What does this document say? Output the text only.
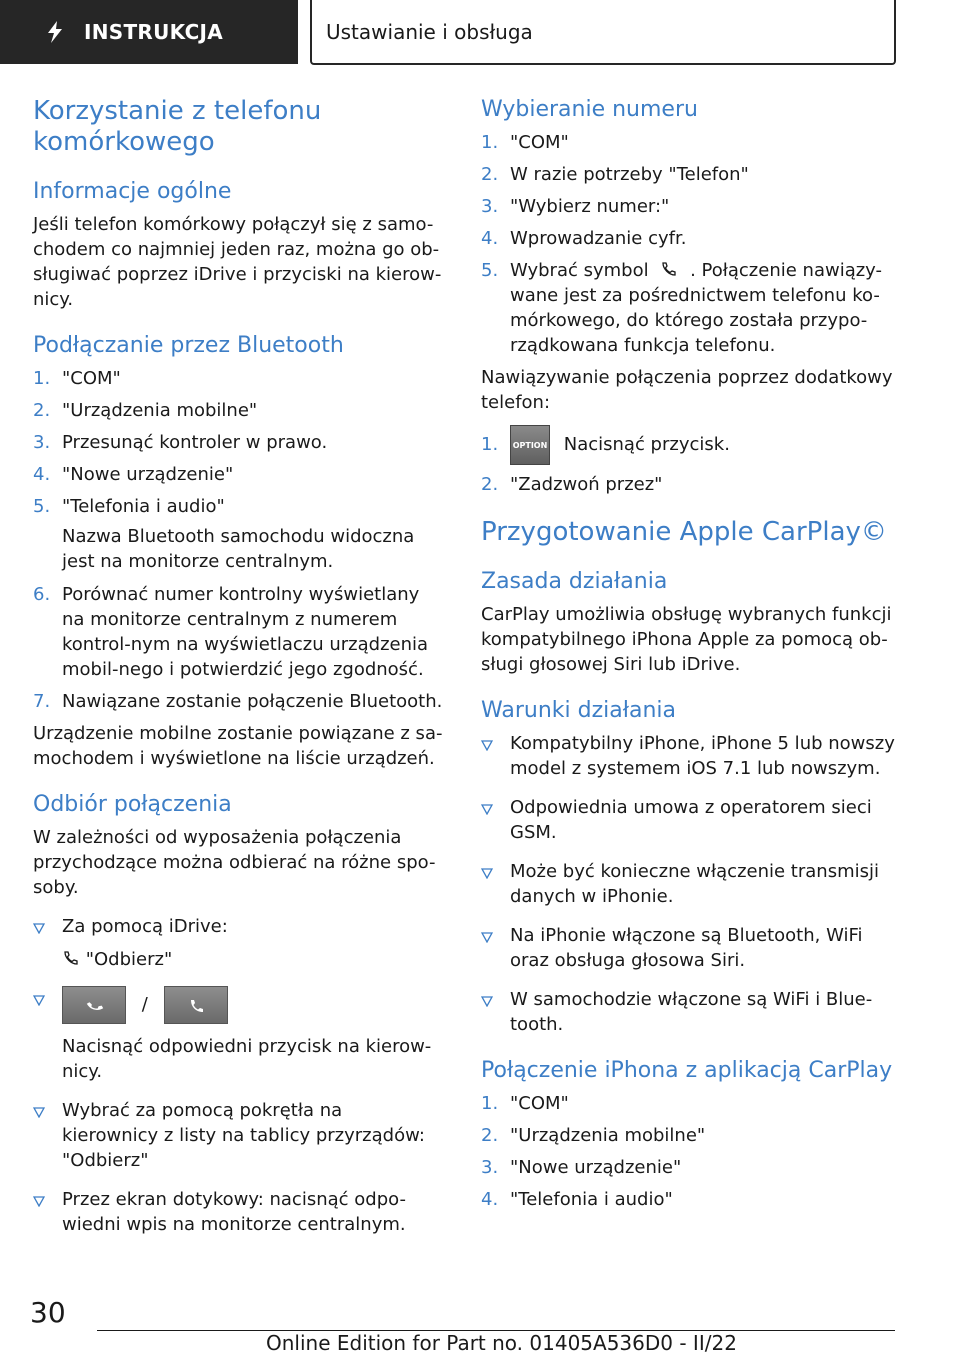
INSTRUKCJA	Ustawianie i obsługa
Korzystanie z telefonu komórkowego
Informacje ogólne

Jeśli telefon komórkowy połączył się z samo-chodem co najmniej jeden raz, można go ob-sługiwać poprzez iDrive i przyciski na kierow-nicy.

Podłączanie przez Bluetooth
1. "COM"
2. "Urządzenia mobilne"
3. Przesunąć kontroler w prawo.
4. "Nowe urządzenie"
5. "Telefonia i audio"
Nazwa Bluetooth samochodu widoczna jest na monitorze centralnym.
6. Porównać numer kontrolny wyświetlany na monitorze centralnym z numerem kontrol-nym na wyświetlaczu urządzenia mobil-nego i potwierdzić jego zgodność.
7. Nawiązane zostanie połączenie Bluetooth.

Urządzenie mobilne zostanie powiązane z sa-mochodem i wyświetlone na liście urządzeń.

Odbiór połączenia

W zależności od wyposażenia połączenia przychodzące można odbierać na różne spo-soby.

Za pomocą iDrive:
"Odbierz"
/
Nacisnąć odpowiedni przycisk na kierow-nicy.
Wybrać za pomocą pokrętła na kierownicy z listy na tablicy przyrządów: "Odbierz"
Przez ekran dotykowy: nacisnąć odpo-wiedni wpis na monitorze centralnym.
Wybieranie numeru
1. "COM"
2. W razie potrzeby "Telefon"
3. "Wybierz numer:"
4. Wprowadzanie cyfr.
5. Wybrać symbol . Połączenie nawiązy-wane jest za pośrednictwem telefonu ko-mórkowego, do którego została przypo-rządkowana funkcja telefonu.

Nawiązywanie połączenia poprzez dodatkowy telefon:

1. OPTION Nacisnąć przycisk.
2. "Zadzwoń przez"
Przygotowanie Apple CarPlay©
Zasada działania

CarPlay umożliwia obsługę wybranych funkcji kompatybilnego iPhona Apple za pomocą ob-sługi głosowej Siri lub iDrive.

Warunki działania
Kompatybilny iPhone, iPhone 5 lub nowszy model z systemem iOS 7.1 lub nowszym.
Odpowiednia umowa z operatorem sieci GSM.
Może być konieczne włączenie transmisji danych w iPhonie.
Na iPhonie włączone są Bluetooth, WiFi oraz obsługa głosowa Siri.
W samochodzie włączone są WiFi i Blue-tooth.
Połączenie iPhona z aplikacją CarPlay
1. "COM"
2. "Urządzenia mobilne"
3. "Nowe urządzenie"
4. "Telefonia i audio"
30
Online Edition for Part no. 01405A536D0 - II/22
